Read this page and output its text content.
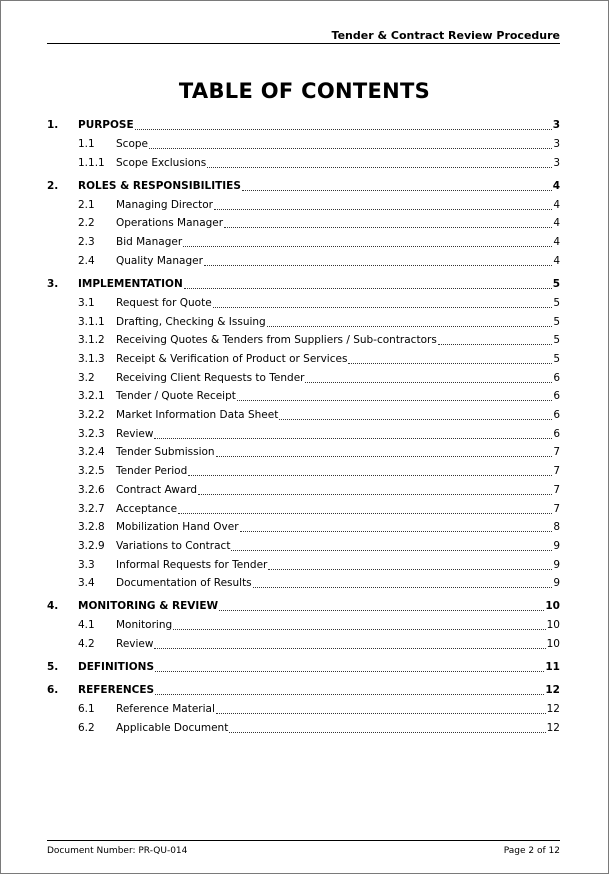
Tender & Contract Review Procedure
TABLE OF CONTENTS
1.	PURPOSE	3
1.1	Scope	3
1.1.1	Scope Exclusions	3
2.	ROLES & RESPONSIBILITIES	4
2.1	Managing Director	4
2.2	Operations Manager	4
2.3	Bid Manager	4
2.4	Quality Manager	4
3.	IMPLEMENTATION	5
3.1	Request for Quote	5
3.1.1	Drafting, Checking & Issuing	5
3.1.2	Receiving Quotes & Tenders from Suppliers / Sub-contractors	5
3.1.3	Receipt & Verification of Product or Services	5
3.2	Receiving Client Requests to Tender	6
3.2.1	Tender / Quote Receipt	6
3.2.2	Market Information Data Sheet	6
3.2.3	Review	6
3.2.4	Tender Submission	7
3.2.5	Tender Period	7
3.2.6	Contract Award	7
3.2.7	Acceptance	7
3.2.8	Mobilization Hand Over	8
3.2.9	Variations to Contract	9
3.3	Informal Requests for Tender	9
3.4	Documentation of Results	9
4.	MONITORING & REVIEW	10
4.1	Monitoring	10
4.2	Review	10
5.	DEFINITIONS	11
6.	REFERENCES	12
6.1	Reference Material	12
6.2	Applicable Document	12
Document Number: PR-QU-014	Page 2 of 12
